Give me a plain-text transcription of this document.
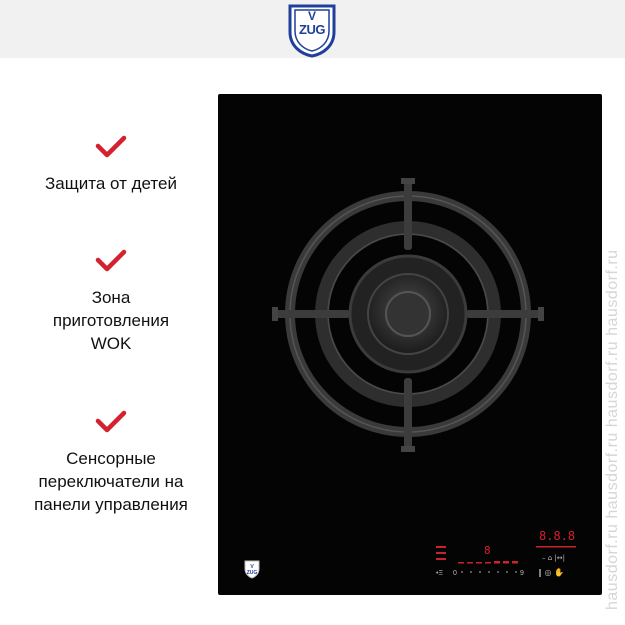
V
ZUG
Защита от детей
Зона
приготовления
WOK
Сенсорные
переключатели на
панели управления
8
0	9
•Ξ
8.8.8
– ⌂ |↔|
‖ ◎ ✋
V
ZUG	hausdorf.ru hausdorf.ru hausdorf.ru hausdorf.ru
